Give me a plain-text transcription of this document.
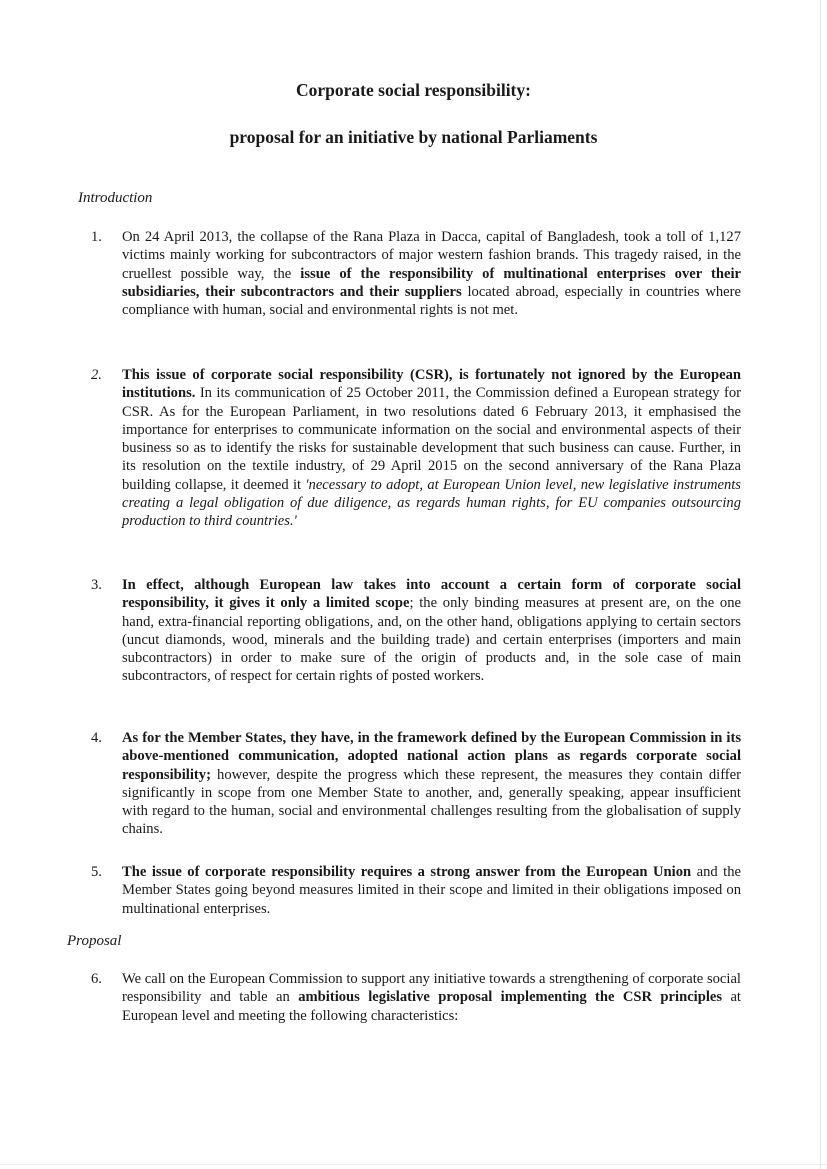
Corporate social responsibility:
proposal for an initiative by national Parliaments

Introduction

1.	On 24 April 2013, the collapse of the Rana Plaza in Dacca, capital of Bangladesh, took a toll of 1,127 victims mainly working for subcontractors of major western fashion brands. This tragedy raised, in the cruellest possible way, the issue of the responsibility of multinational enterprises over their subsidiaries, their subcontractors and their suppliers located abroad, especially in countries where compliance with human, social and environmental rights is not met.
2.	This issue of corporate social responsibility (CSR), is fortunately not ignored by the European institutions. In its communication of 25 October 2011, the Commission defined a European strategy for CSR. As for the European Parliament, in two resolutions dated 6 February 2013, it emphasised the importance for enterprises to communicate information on the social and environmental aspects of their business so as to identify the risks for sustainable development that such business can cause. Further, in its resolution on the textile industry, of 29 April 2015 on the second anniversary of the Rana Plaza building collapse, it deemed it 'necessary to adopt, at European Union level, new legislative instruments creating a legal obligation of due diligence, as regards human rights, for EU companies outsourcing production to third countries.'
3.	In effect, although European law takes into account a certain form of corporate social responsibility, it gives it only a limited scope; the only binding measures at present are, on the one hand, extra-financial reporting obligations, and, on the other hand, obligations applying to certain sectors (uncut diamonds, wood, minerals and the building trade) and certain enterprises (importers and main subcontractors) in order to make sure of the origin of products and, in the sole case of main subcontractors, of respect for certain rights of posted workers.
4.	As for the Member States, they have, in the framework defined by the European Commission in its above-mentioned communication, adopted national action plans as regards corporate social responsibility; however, despite the progress which these represent, the measures they contain differ significantly in scope from one Member State to another, and, generally speaking, appear insufficient with regard to the human, social and environmental challenges resulting from the globalisation of supply chains.
5.	The issue of corporate responsibility requires a strong answer from the European Union and the Member States going beyond measures limited in their scope and limited in their obligations imposed on multinational enterprises.

Proposal

6.	We call on the European Commission to support any initiative towards a strengthening of corporate social responsibility and table an ambitious legislative proposal implementing the CSR principles at European level and meeting the following characteristics:
